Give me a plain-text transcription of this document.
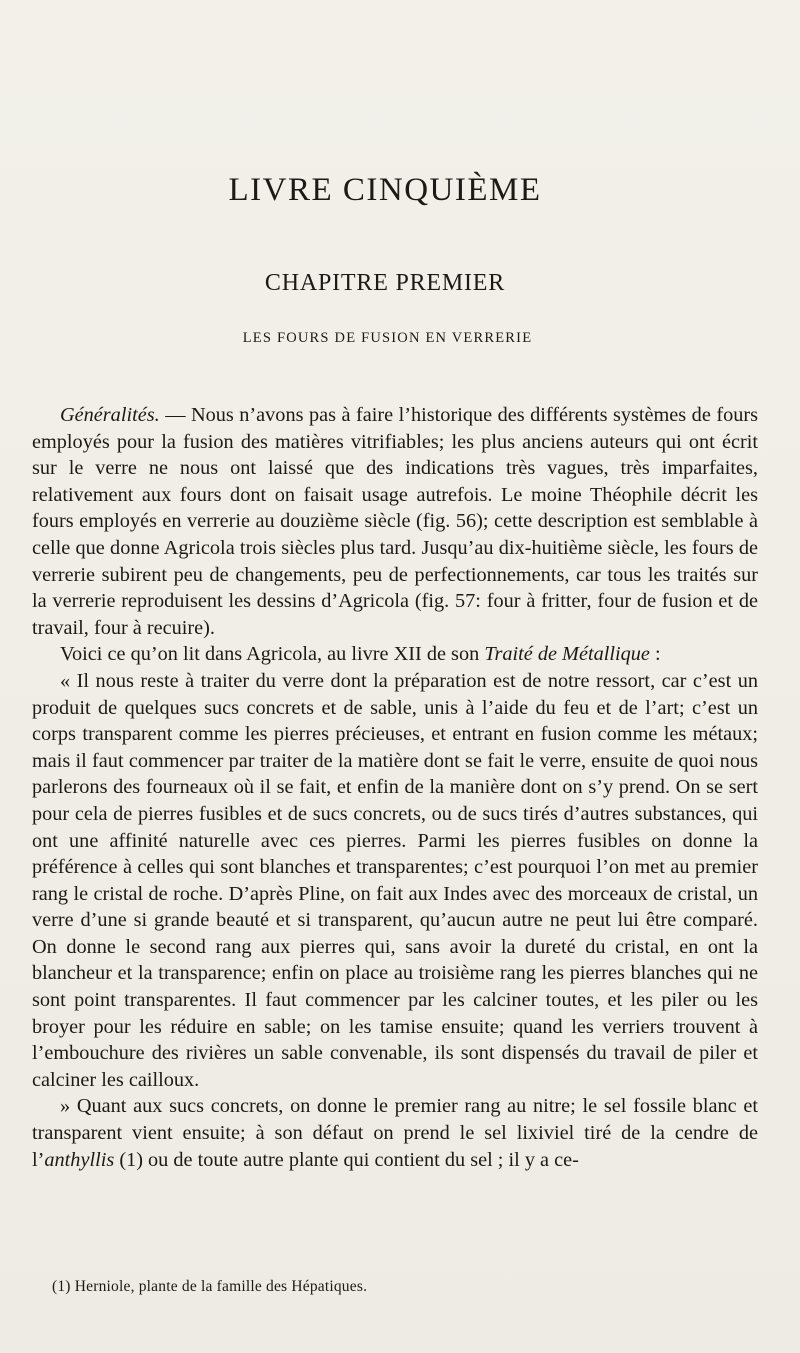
LIVRE CINQUIÈME
CHAPITRE PREMIER
LES FOURS DE FUSION EN VERRERIE

Généralités. — Nous n’avons pas à faire l’historique des différents systèmes de fours employés pour la fusion des matières vitrifiables; les plus anciens auteurs qui ont écrit sur le verre ne nous ont laissé que des indications très vagues, très imparfaites, relativement aux fours dont on faisait usage autrefois. Le moine Théophile décrit les fours employés en verrerie au douzième siècle (fig. 56); cette description est semblable à celle que donne Agricola trois siècles plus tard. Jusqu’au dix-huitième siècle, les fours de verrerie subirent peu de changements, peu de perfectionnements, car tous les traités sur la verrerie reproduisent les dessins d’Agricola (fig. 57: four à fritter, four de fusion et de travail, four à recuire).

Voici ce qu’on lit dans Agricola, au livre XII de son Traité de Métallique :

« Il nous reste à traiter du verre dont la préparation est de notre ressort, car c’est un produit de quelques sucs concrets et de sable, unis à l’aide du feu et de l’art; c’est un corps transparent comme les pierres précieuses, et entrant en fusion comme les métaux; mais il faut commencer par traiter de la matière dont se fait le verre, ensuite de quoi nous parlerons des fourneaux où il se fait, et enfin de la manière dont on s’y prend. On se sert pour cela de pierres fusibles et de sucs concrets, ou de sucs tirés d’autres substances, qui ont une affinité naturelle avec ces pierres. Parmi les pierres fusibles on donne la préférence à celles qui sont blanches et transparentes; c’est pourquoi l’on met au premier rang le cristal de roche. D’après Pline, on fait aux Indes avec des morceaux de cristal, un verre d’une si grande beauté et si transparent, qu’aucun autre ne peut lui être comparé. On donne le second rang aux pierres qui, sans avoir la dureté du cristal, en ont la blancheur et la transparence; enfin on place au troisième rang les pierres blanches qui ne sont point transparentes. Il faut commencer par les calciner toutes, et les piler ou les broyer pour les réduire en sable; on les tamise ensuite; quand les verriers trouvent à l’embouchure des rivières un sable convenable, ils sont dispensés du travail de piler et calciner les cailloux.

» Quant aux sucs concrets, on donne le premier rang au nitre; le sel fossile blanc et transparent vient ensuite; à son défaut on prend le sel lixiviel tiré de la cendre de l’anthyllis (1) ou de toute autre plante qui contient du sel ; il y a ce-

(1) Herniole, plante de la famille des Hépatiques.
